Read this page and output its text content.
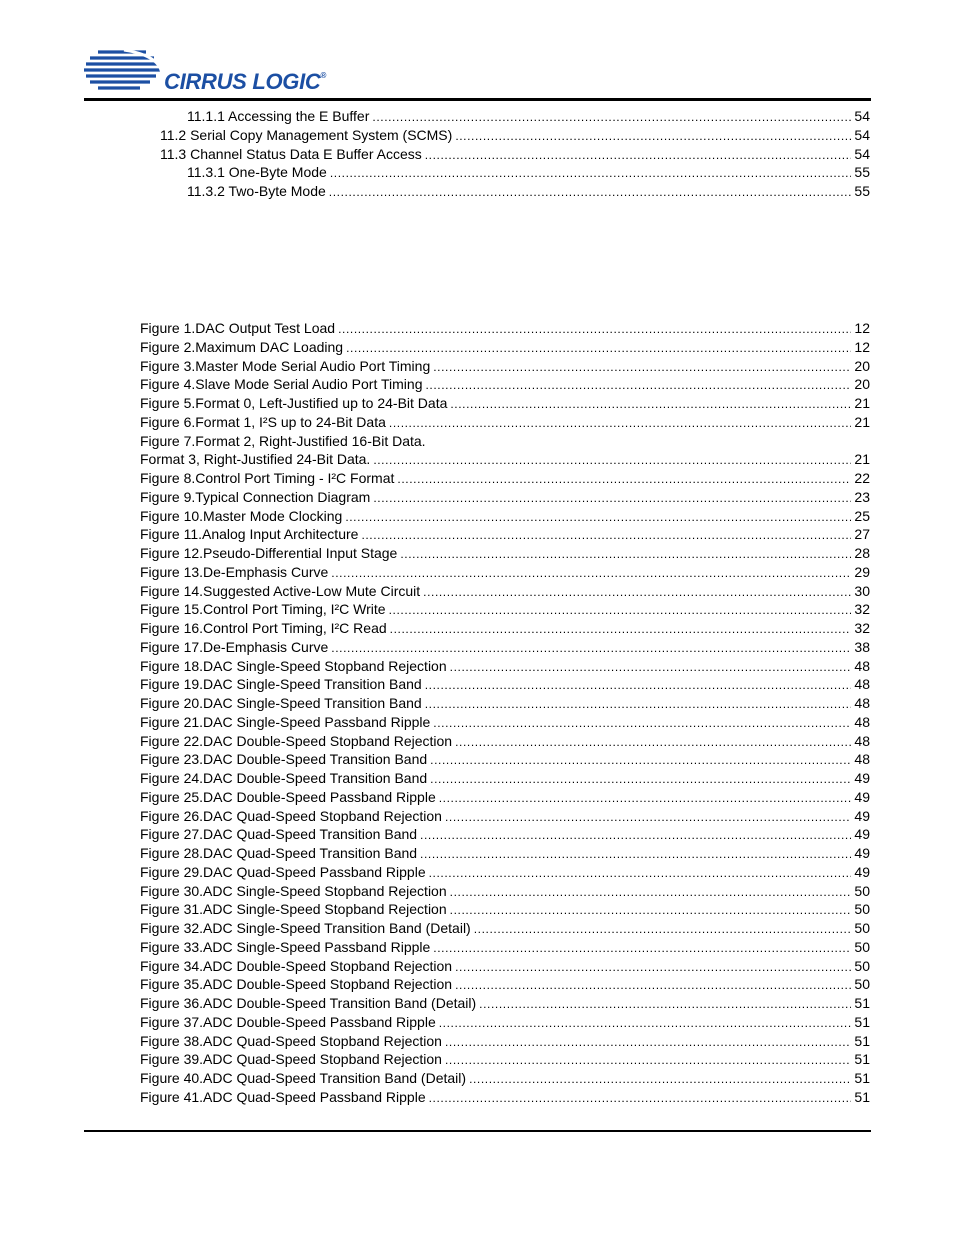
CIRRUS LOGIC®
11.1.1 Accessing the E Buffer .....	54
11.2 Serial Copy Management System (SCMS) .....	54
11.3 Channel Status Data E Buffer Access .....	54
11.3.1 One-Byte Mode .....	55
11.3.2 Two-Byte Mode .....	55
Figure 1.DAC Output Test Load .....	12
Figure 2.Maximum DAC Loading .....	12
Figure 3.Master Mode Serial Audio Port Timing .....	20
Figure 4.Slave Mode Serial Audio Port Timing .....	20
Figure 5.Format 0, Left-Justified up to 24-Bit Data .....	21
Figure 6.Format 1, I²S up to 24-Bit Data .....	21
Figure 7.Format 2, Right-Justified 16-Bit Data.
Format 3, Right-Justified 24-Bit Data. .....	21
Figure 8.Control Port Timing - I²C Format .....	22
Figure 9.Typical Connection Diagram .....	23
Figure 10.Master Mode Clocking .....	25
Figure 11.Analog Input Architecture .....	27
Figure 12.Pseudo-Differential Input Stage .....	28
Figure 13.De-Emphasis Curve .....	29
Figure 14.Suggested Active-Low Mute Circuit .....	30
Figure 15.Control Port Timing, I²C Write .....	32
Figure 16.Control Port Timing, I²C Read .....	32
Figure 17.De-Emphasis Curve .....	38
Figure 18.DAC Single-Speed Stopband Rejection .....	48
Figure 19.DAC Single-Speed Transition Band .....	48
Figure 20.DAC Single-Speed Transition Band .....	48
Figure 21.DAC Single-Speed Passband Ripple .....	48
Figure 22.DAC Double-Speed Stopband Rejection .....	48
Figure 23.DAC Double-Speed Transition Band .....	48
Figure 24.DAC Double-Speed Transition Band .....	49
Figure 25.DAC Double-Speed Passband Ripple .....	49
Figure 26.DAC Quad-Speed Stopband Rejection .....	49
Figure 27.DAC Quad-Speed Transition Band .....	49
Figure 28.DAC Quad-Speed Transition Band .....	49
Figure 29.DAC Quad-Speed Passband Ripple .....	49
Figure 30.ADC Single-Speed Stopband Rejection .....	50
Figure 31.ADC Single-Speed Stopband Rejection .....	50
Figure 32.ADC Single-Speed Transition Band (Detail) .....	50
Figure 33.ADC Single-Speed Passband Ripple .....	50
Figure 34.ADC Double-Speed Stopband Rejection .....	50
Figure 35.ADC Double-Speed Stopband Rejection .....	50
Figure 36.ADC Double-Speed Transition Band (Detail) .....	51
Figure 37.ADC Double-Speed Passband Ripple .....	51
Figure 38.ADC Quad-Speed Stopband Rejection .....	51
Figure 39.ADC Quad-Speed Stopband Rejection .....	51
Figure 40.ADC Quad-Speed Transition Band (Detail) .....	51
Figure 41.ADC Quad-Speed Passband Ripple .....	51
